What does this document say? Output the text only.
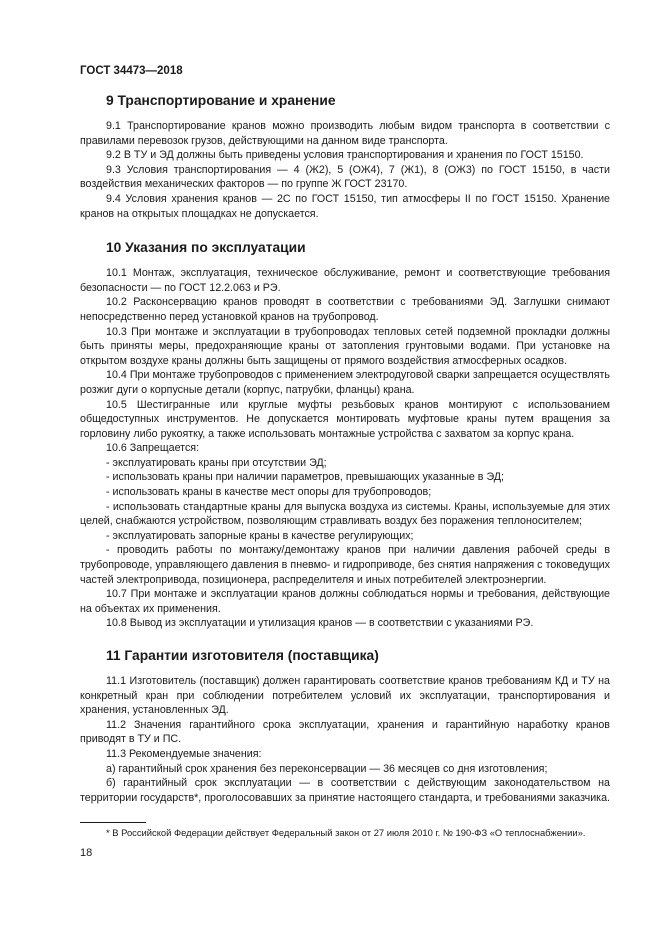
ГОСТ 34473—2018
9 Транспортирование и хранение

9.1 Транспортирование кранов можно производить любым видом транспорта в соответствии с правилами перевозок грузов, действующими на данном виде транспорта.

9.2 В ТУ и ЭД должны быть приведены условия транспортирования и хранения по ГОСТ 15150.

9.3 Условия транспортирования — 4 (Ж2), 5 (ОЖ4), 7 (Ж1), 8 (ОЖ3) по ГОСТ 15150, в части воздействия механических факторов — по группе Ж ГОСТ 23170.

9.4 Условия хранения кранов — 2С по ГОСТ 15150, тип атмосферы II по ГОСТ 15150. Хранение кранов на открытых площадках не допускается.

10 Указания по эксплуатации

10.1 Монтаж, эксплуатация, техническое обслуживание, ремонт и соответствующие требования безопасности — по ГОСТ 12.2.063 и РЭ.

10.2 Расконсервацию кранов проводят в соответствии с требованиями ЭД. Заглушки снимают непосредственно перед установкой кранов на трубопровод.

10.3 При монтаже и эксплуатации в трубопроводах тепловых сетей подземной прокладки должны быть приняты меры, предохраняющие краны от затопления грунтовыми водами. При установке на открытом воздухе краны должны быть защищены от прямого воздействия атмосферных осадков.

10.4 При монтаже трубопроводов с применением электродуговой сварки запрещается осуществлять розжиг дуги о корпусные детали (корпус, патрубки, фланцы) крана.

10.5 Шестигранные или круглые муфты резьбовых кранов монтируют с использованием общедоступных инструментов. Не допускается монтировать муфтовые краны путем вращения за горловину либо рукоятку, а также использовать монтажные устройства с захватом за корпус крана.

10.6 Запрещается:

- эксплуатировать краны при отсутствии ЭД;

- использовать краны при наличии параметров, превышающих указанные в ЭД;

- использовать краны в качестве мест опоры для трубопроводов;

- использовать стандартные краны для выпуска воздуха из системы. Краны, используемые для этих целей, снабжаются устройством, позволяющим стравливать воздух без поражения теплоносителем;

- эксплуатировать запорные краны в качестве регулирующих;

- проводить работы по монтажу/демонтажу кранов при наличии давления рабочей среды в трубопроводе, управляющего давления в пневмо- и гидроприводе, без снятия напряжения с токоведущих частей электропривода, позиционера, распределителя и иных потребителей электроэнергии.

10.7 При монтаже и эксплуатации кранов должны соблюдаться нормы и требования, действующие на объектах их применения.

10.8 Вывод из эксплуатации и утилизация кранов — в соответствии с указаниями РЭ.

11 Гарантии изготовителя (поставщика)

11.1 Изготовитель (поставщик) должен гарантировать соответствие кранов требованиям КД и ТУ на конкретный кран при соблюдении потребителем условий их эксплуатации, транспортирования и хранения, установленных ЭД.

11.2 Значения гарантийного срока эксплуатации, хранения и гарантийную наработку кранов приводят в ТУ и ПС.

11.3 Рекомендуемые значения:

а) гарантийный срок хранения без переконсервации — 36 месяцев со дня изготовления;

б) гарантийный срок эксплуатации — в соответствии с действующим законодательством на территории государств*, проголосовавших за принятие настоящего стандарта, и требованиями заказчика.

* В Российской Федерации действует Федеральный закон от 27 июля 2010 г. № 190-ФЗ «О теплоснабжении».
18
